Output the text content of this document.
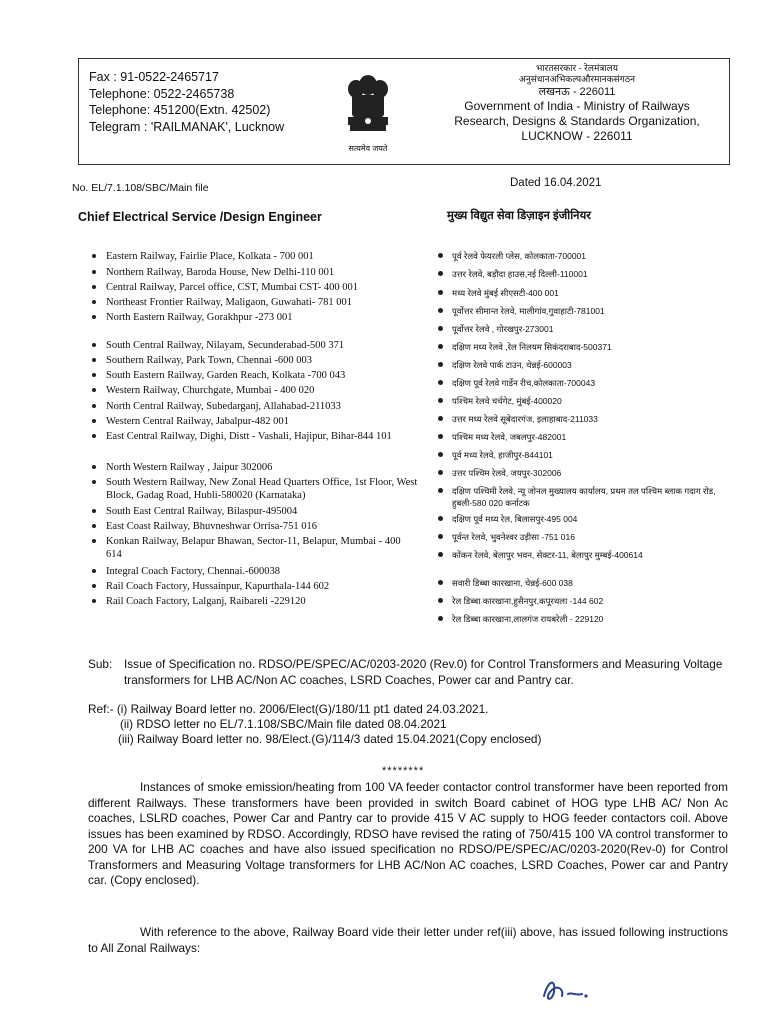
Fax : 91-0522-2465717
Telephone: 0522-2465738
Telephone: 451200(Extn. 42502)
Telegram : 'RAILMANAK', Lucknow
सत्यमेव जयते
भारतसरकार - रेलमंत्रालय
अनुसंधानअभिकल्पऔरमानकसंगठन
लखनऊ - 226011
Government of India - Ministry of Railways
Research, Designs & Standards Organization,
LUCKNOW - 226011
No. EL/7.1.108/SBC/Main file	Dated 16.04.2021
Chief Electrical Service /Design Engineer	मुख्य विद्युत सेवा डिज़ाइन इंजीनियर
Eastern Railway, Fairlie Place, Kolkata - 700 001
Northern Railway, Baroda House, New Delhi-110 001
Central Railway, Parcel office, CST, Mumbai CST- 400 001
Northeast Frontier Railway, Maligaon, Guwahati- 781 001
North Eastern Railway, Gorakhpur -273 001
South Central Railway, Nilayam, Secunderabad-500 371
Southern Railway, Park Town, Chennai -600 003
South Eastern Railway, Garden Reach, Kolkata -700 043
Western Railway, Churchgate, Mumbai - 400 020
North Central Railway, Subedarganj, Allahabad-211033
Western Central Railway, Jabalpur-482 001
East Central Railway, Dighi, Distt - Vashali, Hajipur, Bihar-844 101
North Western Railway , Jaipur 302006
South Western Railway, New Zonal Head Quarters Office, 1st Floor, West Block, Gadag Road, Hubli-580020 (Karnataka)
South East Central Railway, Bilaspur-495004
East Coast Railway, Bhuvneshwar Orrisa-751 016
Konkan Railway, Belapur Bhawan, Sector-11, Belapur, Mumbai - 400 614
Integral Coach Factory, Chennai.-600038
Rail Coach Factory, Hussainpur, Kapurthala-144 602
Rail Coach Factory, Lalganj, Raibareli -229120
पूर्व रेलवे फेयरली प्लेस, कोलकाता-700001
उत्तर रेलवे, बड़ौदा हाउस,नई दिल्ली-110001
मध्य रेलवे मुंबई सीएसटी-400 001
पूर्वोत्तर सीमान्त रेलवे, मालीगांव,गुवाहाटी-781001
पूर्वोत्तर रेलवे , गोरखपुर-273001
दक्षिण मध्य रेलवे ,रेल निलयम सिकंदराबाद-500371
दक्षिण रेलवे पार्क टाउन, चेन्नई-600003
दक्षिण पूर्व रेलवे गार्डेन रीच,कोलकाता-700043
पश्चिम रेलवे चर्चगेट, मुंबई-400020
उत्तर मध्य रेलवे सूबेदारगंज, इलाहाबाद-211033
पश्चिम मध्य रेलवे, जबलपुर-482001
पूर्व मध्य रेलवे, हाजीपुर-844101
उत्तर पश्चिम रेलवे, जयपुर-302006
दक्षिण पश्चिमी रेलवे, न्यू जोनल मुख्यालय कार्यालय, प्रथम तल पश्चिम ब्लाक गदाग रोड, हुबली-580 020 कर्नाटक
दक्षिण पूर्व मध्य रेल, बिलासपुर-495 004
पूर्वन्त रेलवे, भुवनेश्वर उड़ीसा -751 016
कोंकन रेलवे, बेलापुर भवन, सेक्टर-11, बेलापुर मुम्बई-400614
सवारी डिब्बा कारखाना, चेन्नई-600 038
रेल डिब्बा कारखाना,हुसैनपुर,कपूरथला -144 602
रेल डिब्बा कारखाना,लालगंज रायबरेली - 229120
Sub: Issue of Specification no. RDSO/PE/SPEC/AC/0203-2020 (Rev.0) for Control Transformers and Measuring Voltage transformers for LHB AC/Non AC coaches, LSRD Coaches, Power car and Pantry car.
Ref:- (i) Railway Board letter no. 2006/Elect(G)/180/11 pt1 dated 24.03.2021.
(ii) RDSO letter no EL/7.1.108/SBC/Main file dated 08.04.2021
(iii) Railway Board letter no. 98/Elect.(G)/114/3 dated 15.04.2021(Copy enclosed)
********
Instances of smoke emission/heating from 100 VA feeder contactor control transformer have been reported from different Railways. These transformers have been provided in switch Board cabinet of HOG type LHB AC/ Non Ac coaches, LSLRD coaches, Power Car and Pantry car to provide 415 V AC supply to HOG feeder contactors coil. Above issues has been examined by RDSO. Accordingly, RDSO have revised the rating of 750/415 100 VA control transformer to 200 VA for LHB AC coaches and have also issued specification no RDSO/PE/SPEC/AC/0203-2020(Rev-0) for Control Transformers and Measuring Voltage transformers for LHB AC/Non AC coaches, LSRD Coaches, Power car and Pantry car. (Copy enclosed).
With reference to the above, Railway Board vide their letter under ref(iii) above, has issued following instructions to All Zonal Railways:
